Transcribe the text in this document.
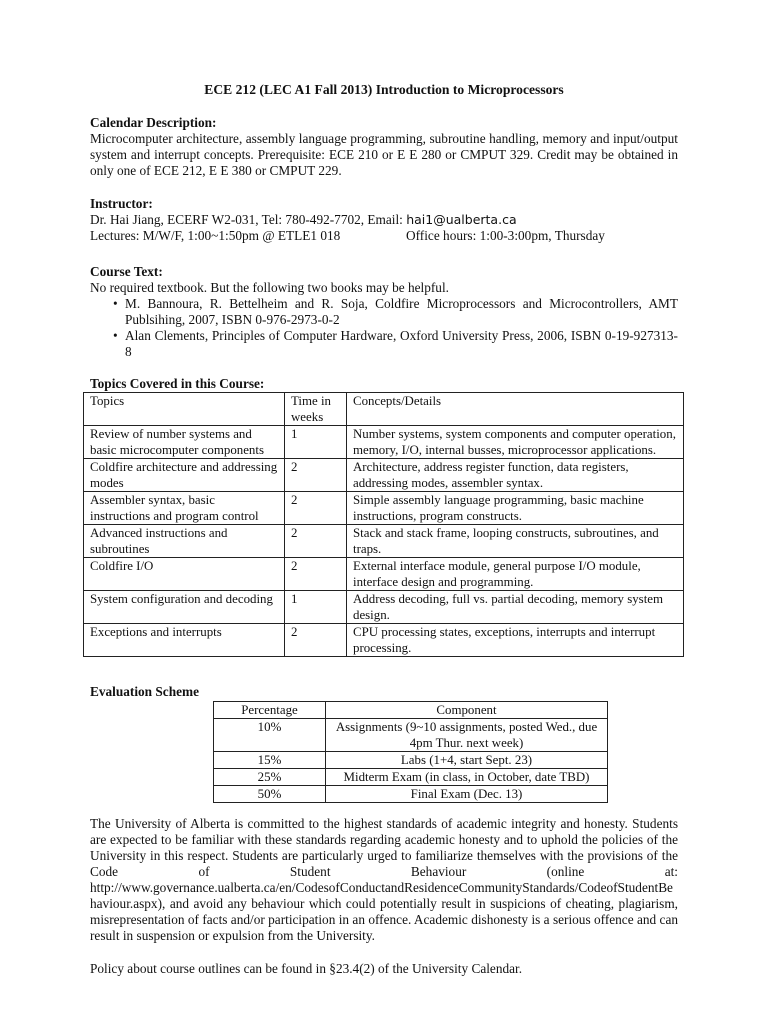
ECE 212 (LEC A1 Fall 2013) Introduction to Microprocessors

Calendar Description:

Microcomputer architecture, assembly language programming, subroutine handling, memory and input/output system and interrupt concepts. Prerequisite: ECE 210 or E E 280 or CMPUT 329. Credit may be obtained in only one of ECE 212, E E 380 or CMPUT 229.

Instructor:

Dr. Hai Jiang, ECERF W2-031, Tel: 780-492-7702, Email: hai1@ualberta.ca

Lectures: M/W/F, 1:00~1:50pm @ ETLE1 018	Office hours: 1:00-3:00pm, Thursday

Course Text:

No required textbook. But the following two books may be helpful.

• M. Bannoura, R. Bettelheim and R. Soja, Coldfire Microprocessors and Microcontrollers, AMT Publsihing, 2007, ISBN 0-976-2973-0-2
• Alan Clements, Principles of Computer Hardware, Oxford University Press, 2006, ISBN 0-19-927313-8

Topics Covered in this Course:

Topics	Time in weeks	Concepts/Details
Review of number systems and basic microcomputer components	1	Number systems, system components and computer operation, memory, I/O, internal busses, microprocessor applications.
Coldfire architecture and addressing modes	2	Architecture, address register function, data registers, addressing modes, assembler syntax.
Assembler syntax, basic instructions and program control	2	Simple assembly language programming, basic machine instructions, program constructs.
Advanced instructions and subroutines	2	Stack and stack frame, looping constructs, subroutines, and traps.
Coldfire I/O	2	External interface module, general purpose I/O module, interface design and programming.
System configuration and decoding	1	Address decoding, full vs. partial decoding, memory system design.
Exceptions and interrupts	2	CPU processing states, exceptions, interrupts and interrupt processing.

Evaluation Scheme

Percentage	Component
10%	Assignments (9~10 assignments, posted Wed., due 4pm Thur. next week)
15%	Labs (1+4, start Sept. 23)
25%	Midterm Exam (in class, in October, date TBD)
50%	Final Exam (Dec. 13)

The University of Alberta is committed to the highest standards of academic integrity and honesty. Students are expected to be familiar with these standards regarding academic honesty and to uphold the policies of the University in this respect. Students are particularly urged to familiarize themselves with the provisions of the Code of Student Behaviour (online at: http://www.governance.ualberta.ca/en/CodesofConductandResidenceCommunityStandards/CodeofStudentBehaviour.aspx), and avoid any behaviour which could potentially result in suspicions of cheating, plagiarism, misrepresentation of facts and/or participation in an offence. Academic dishonesty is a serious offence and can result in suspension or expulsion from the University.

Policy about course outlines can be found in §23.4(2) of the University Calendar.
